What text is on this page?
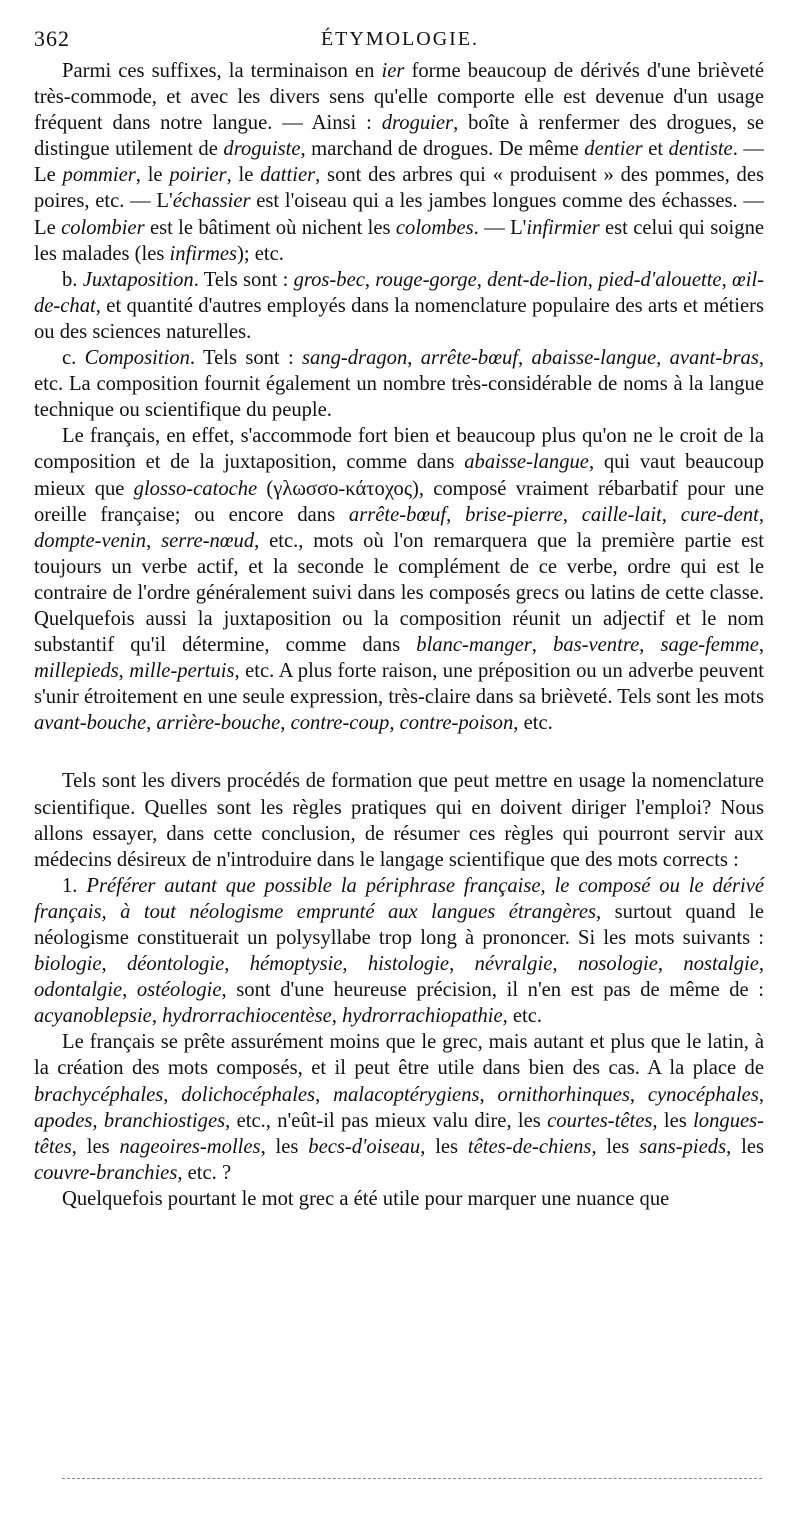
362	ÉTYMOLOGIE.

Parmi ces suffixes, la terminaison en ier forme beaucoup de dérivés d'une brièveté très-commode, et avec les divers sens qu'elle comporte elle est devenue d'un usage fréquent dans notre langue. — Ainsi : droguier, boîte à renfermer des drogues, se distingue utilement de droguiste, marchand de drogues. De même dentier et dentiste. — Le pommier, le poirier, le dattier, sont des arbres qui « produisent » des pommes, des poires, etc. — L'échassier est l'oiseau qui a les jambes longues comme des échasses. — Le colombier est le bâtiment où nichent les colombes. — L'infirmier est celui qui soigne les malades (les infirmes); etc.

b. Juxtaposition. Tels sont : gros-bec, rouge-gorge, dent-de-lion, pied-d'alouette, œil-de-chat, et quantité d'autres employés dans la nomenclature populaire des arts et métiers ou des sciences naturelles.

c. Composition. Tels sont : sang-dragon, arrête-bœuf, abaisse-langue, avant-bras, etc. La composition fournit également un nombre très-considérable de noms à la langue technique ou scientifique du peuple.

Le français, en effet, s'accommode fort bien et beaucoup plus qu'on ne le croit de la composition et de la juxtaposition, comme dans abaisse-langue, qui vaut beaucoup mieux que glosso-catoche (γλωσσο-κάτοχος), composé vraiment rébarbatif pour une oreille française; ou encore dans arrête-bœuf, brise-pierre, caille-lait, cure-dent, dompte-venin, serre-nœud, etc., mots où l'on remarquera que la première partie est toujours un verbe actif, et la seconde le complément de ce verbe, ordre qui est le contraire de l'ordre généralement suivi dans les composés grecs ou latins de cette classe. Quelquefois aussi la juxtaposition ou la composition réunit un adjectif et le nom substantif qu'il détermine, comme dans blanc-manger, bas-ventre, sage-femme, millepieds, mille-pertuis, etc. A plus forte raison, une préposition ou un adverbe peuvent s'unir étroitement en une seule expression, très-claire dans sa brièveté. Tels sont les mots avant-bouche, arrière-bouche, contre-coup, contre-poison, etc.

Tels sont les divers procédés de formation que peut mettre en usage la nomenclature scientifique. Quelles sont les règles pratiques qui en doivent diriger l'emploi? Nous allons essayer, dans cette conclusion, de résumer ces règles qui pourront servir aux médecins désireux de n'introduire dans le langage scientifique que des mots corrects :

1. Préférer autant que possible la périphrase française, le composé ou le dérivé français, à tout néologisme emprunté aux langues étrangères, surtout quand le néologisme constituerait un polysyllabe trop long à prononcer. Si les mots suivants : biologie, déontologie, hémoptysie, histologie, névralgie, nosologie, nostalgie, odontalgie, ostéologie, sont d'une heureuse précision, il n'en est pas de même de : acyanoblepsie, hydrorrachiocentèse, hydrorrachiopathie, etc.

Le français se prête assurément moins que le grec, mais autant et plus que le latin, à la création des mots composés, et il peut être utile dans bien des cas. A la place de brachycéphales, dolichocéphales, malacoptérygiens, ornithorhinques, cynocéphales, apodes, branchiostiges, etc., n'eût-il pas mieux valu dire, les courtes-têtes, les longues-têtes, les nageoires-molles, les becs-d'oiseau, les têtes-de-chiens, les sans-pieds, les couvre-branchies, etc. ?

Quelquefois pourtant le mot grec a été utile pour marquer une nuance que
